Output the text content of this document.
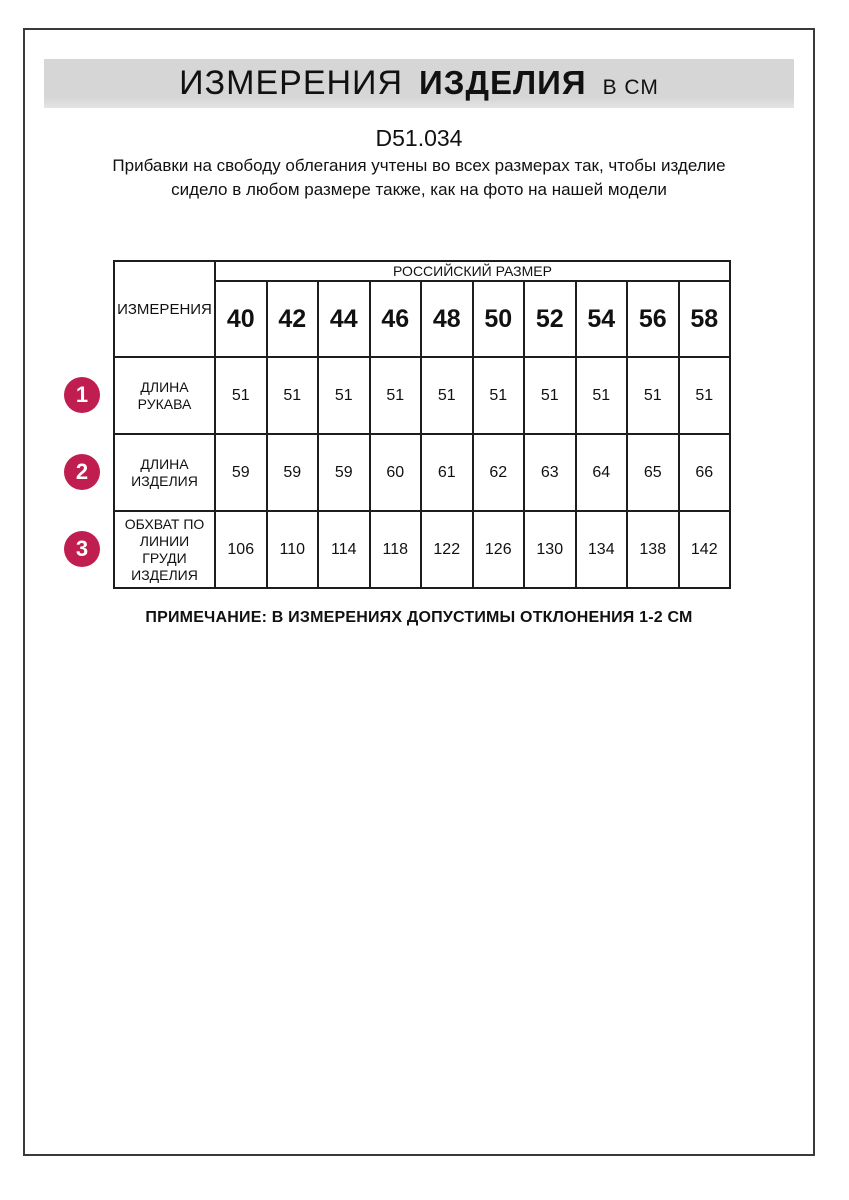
ИЗМЕРЕНИЯ ИЗДЕЛИЯ В СМ
D51.034
Прибавки на свободу облегания учтены во всех размерах так, чтобы изделие сидело в любом размере также, как на фото на нашей модели
1
2
3
ИЗМЕРЕНИЯ	РОССИЙСКИЙ РАЗМЕР									
	40	42	44	46	48	50	52	54	56	58
ДЛИНА РУКАВА	51	51	51	51	51	51	51	51	51	51
ДЛИНА ИЗДЕЛИЯ	59	59	59	60	61	62	63	64	65	66
ОБХВАТ ПО ЛИНИИ ГРУДИ ИЗДЕЛИЯ	106	110	114	118	122	126	130	134	138	142
ПРИМЕЧАНИЕ: В ИЗМЕРЕНИЯХ ДОПУСТИМЫ ОТКЛОНЕНИЯ 1-2 СМ
